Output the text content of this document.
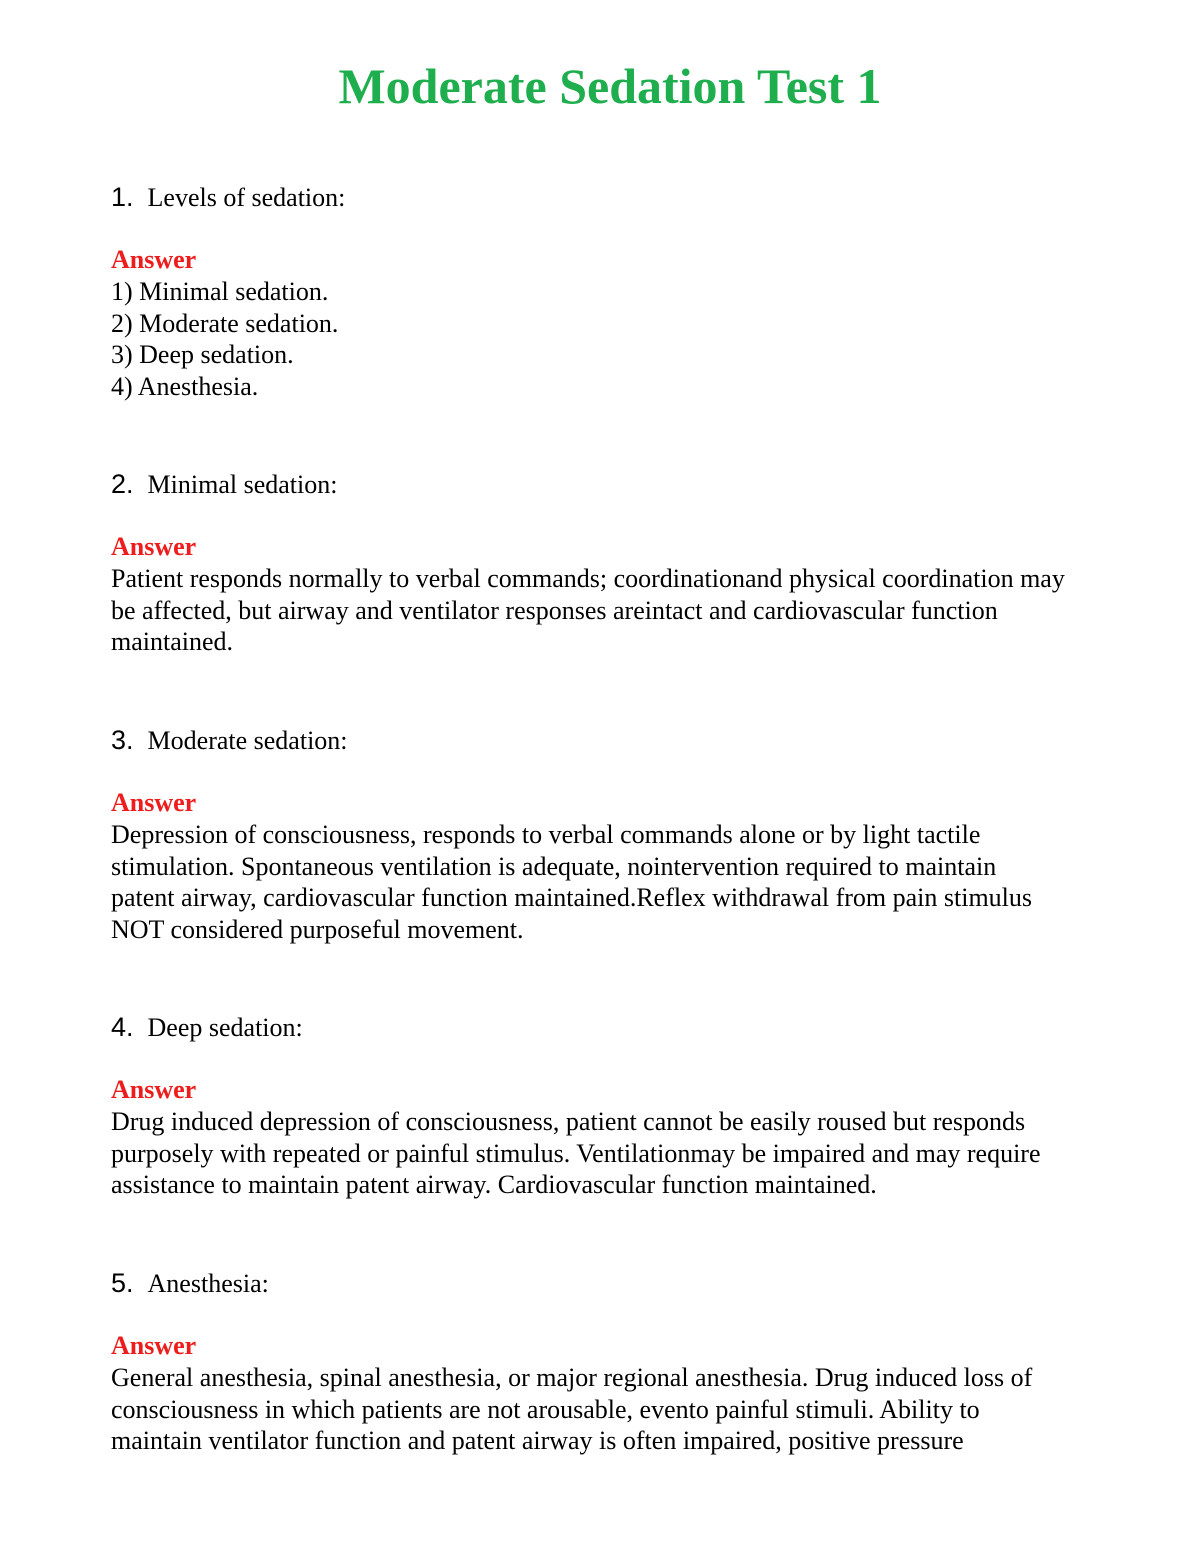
Moderate Sedation Test 1

1. Levels of sedation:

Answer

1) Minimal sedation.
2) Moderate sedation.
3) Deep sedation.
4) Anesthesia.

2. Minimal sedation:

Answer

Patient responds normally to verbal commands; coordinationand physical coordination may
be affected, but airway and ventilator responses areintact and cardiovascular function
maintained.

3. Moderate sedation:

Answer

Depression of consciousness, responds to verbal commands alone or by light tactile
stimulation. Spontaneous ventilation is adequate, nointervention required to maintain
patent airway, cardiovascular function maintained.Reflex withdrawal from pain stimulus
NOT considered purposeful movement.

4. Deep sedation:

Answer

Drug induced depression of consciousness, patient cannot be easily roused but responds
purposely with repeated or painful stimulus. Ventilationmay be impaired and may require
assistance to maintain patent airway. Cardiovascular function maintained.

5. Anesthesia:

Answer

General anesthesia, spinal anesthesia, or major regional anesthesia. Drug induced loss of
consciousness in which patients are not arousable, evento painful stimuli. Ability to
maintain ventilator function and patent airway is often impaired, positive pressure
